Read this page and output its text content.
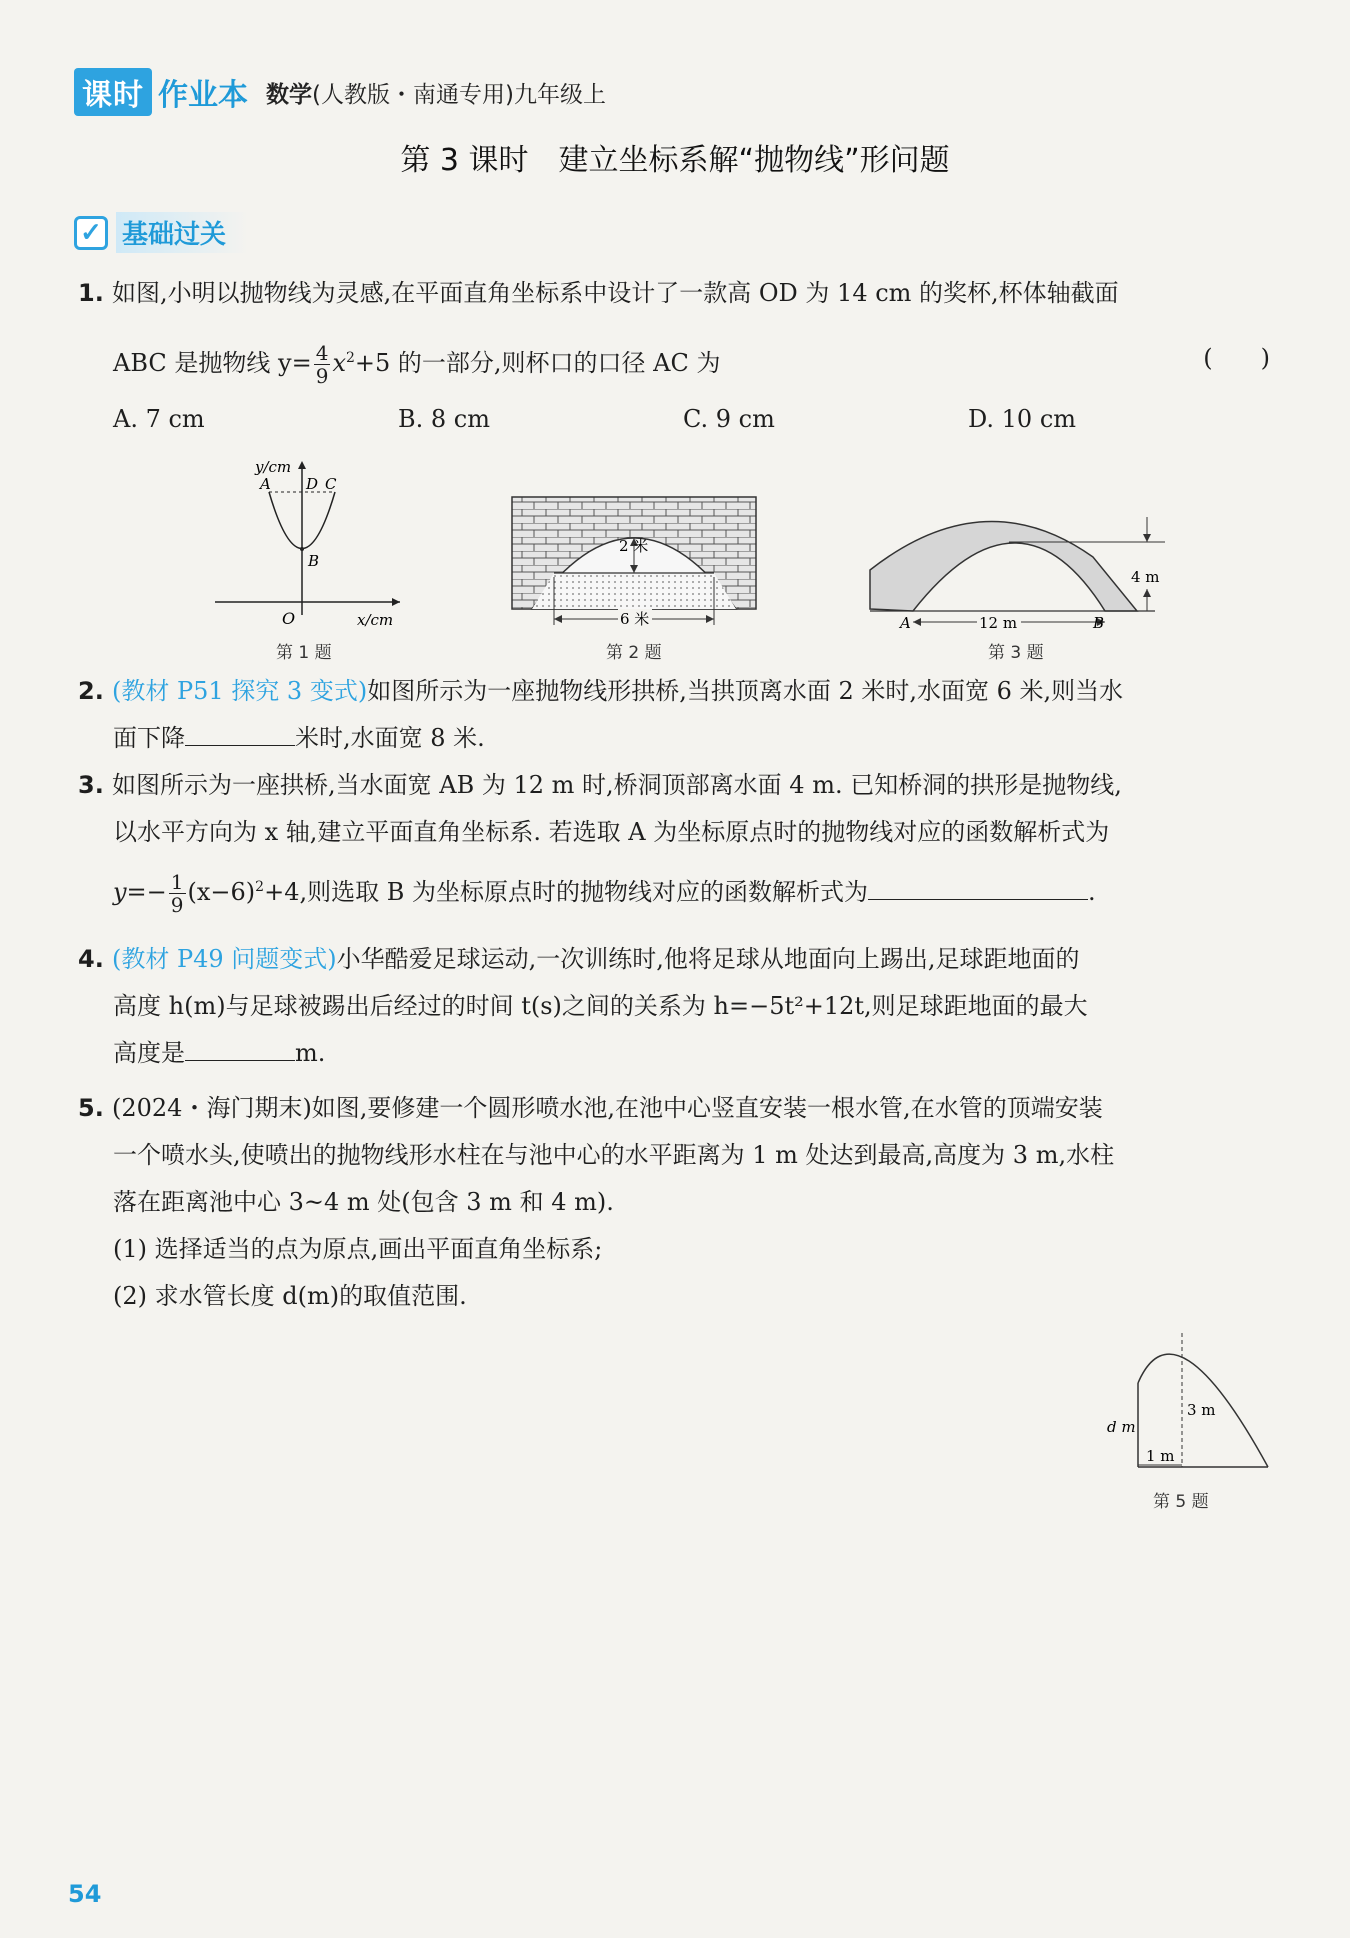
课时 作业本 数学(人教版・南通专用)九年级上
第 3 课时　建立坐标系解“抛物线”形问题
✓ 基础过关
1. 如图,小明以抛物线为灵感,在平面直角坐标系中设计了一款高 OD 为 14 cm 的奖杯,杯体轴截面
ABC 是抛物线 $y= \frac{4}{9} x^2+5$ 的一部分,则杯口的口径 AC 为	(　　)
A. 7 cm	B. 8 cm	C. 9 cm	D. 10 cm
y/cm
x/cm
O
A D C
B
第 1 题
2 米
6 米
第 2 题
4 m
12 m
A	B
第 3 题
2. (教材 P51 探究 3 变式)如图所示为一座抛物线形拱桥,当拱顶离水面 2 米时,水面宽 6 米,则当水
面下降	米时,水面宽 8 米.
3. 如图所示为一座拱桥,当水面宽 AB 为 12 m 时,桥洞顶部离水面 4 m. 已知桥洞的拱形是抛物线,
以水平方向为 x 轴,建立平面直角坐标系. 若选取 A 为坐标原点时的抛物线对应的函数解析式为
$y=- \frac{1}{9} (x-6)^2+4$,则选取 B 为坐标原点时的抛物线对应的函数解析式为	.
4. (教材 P49 问题变式)小华酷爱足球运动,一次训练时,他将足球从地面向上踢出,足球距地面的
高度 h(m)与足球被踢出后经过的时间 t(s)之间的关系为 h=−5t²+12t,则足球距地面的最大
高度是	m.
5. (2024・海门期末)如图,要修建一个圆形喷水池,在池中心竖直安装一根水管,在水管的顶端安装
一个喷水头,使喷出的抛物线形水柱在与池中心的水平距离为 1 m 处达到最高,高度为 3 m,水柱
落在距离池中心 3~4 m 处(包含 3 m 和 4 m).
(1) 选择适当的点为原点,画出平面直角坐标系;
(2) 求水管长度 d(m)的取值范围.
d m
3 m
1 m
第 5 题
54
